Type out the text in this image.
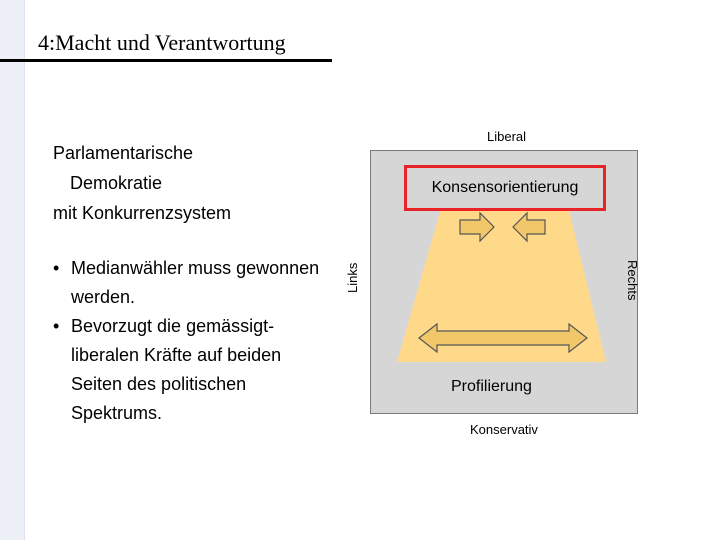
4:Macht und Verantwortung
Parlamentarische
Demokratie
mit Konkurrenzsystem
• Medianwähler muss gewonnen werden.
• Bevorzugt die gemässigt-liberalen Kräfte auf beiden Seiten des politischen Spektrums.
Liberal
Konsensorientierung
Profilierung
Links	Rechts
Konservativ
